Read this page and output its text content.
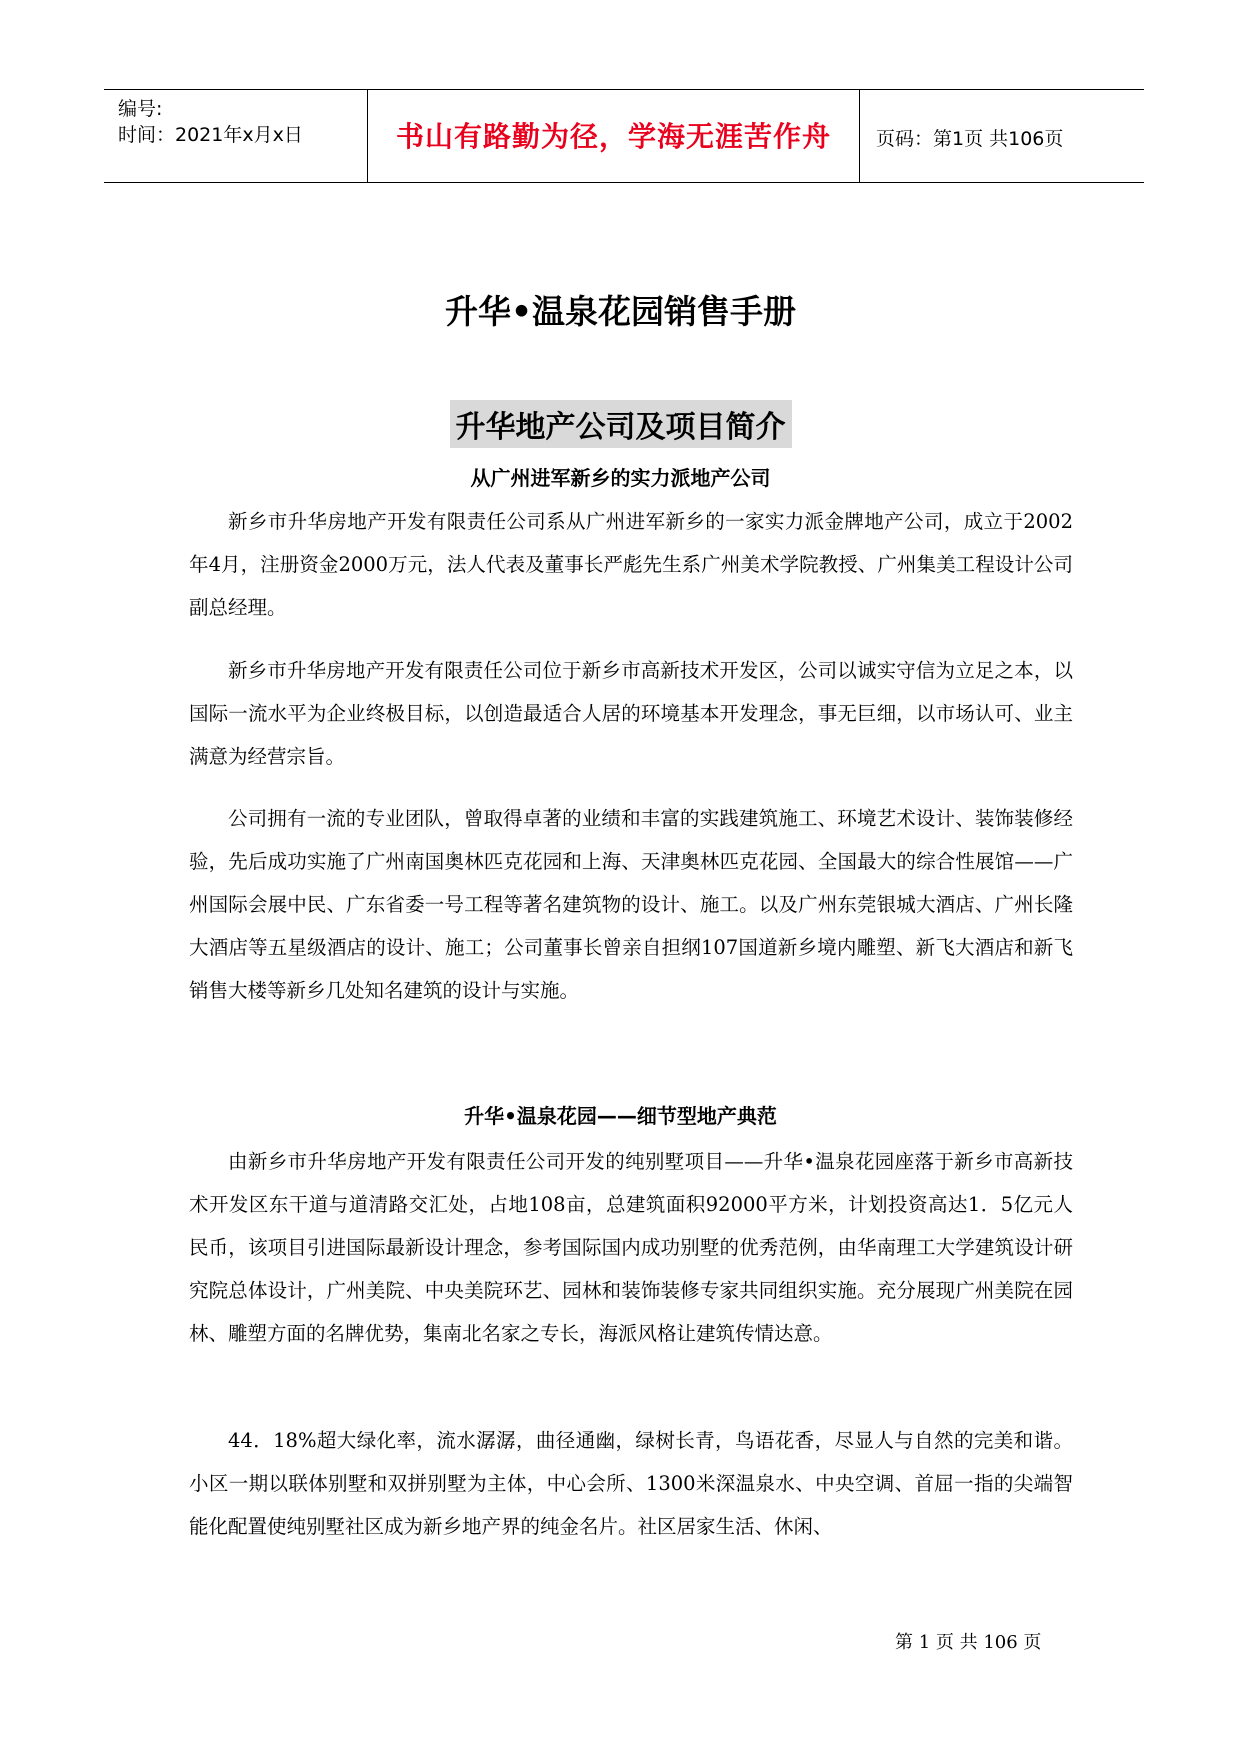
编号:
时间：2021年x月x日	书山有路勤为径，学海无涯苦作舟	页码：第1页 共106页
升华•温泉花园销售手册
升华地产公司及项目简介
从广州进军新乡的实力派地产公司

新乡市升华房地产开发有限责任公司系从广州进军新乡的一家实力派金牌地产公司，成立于2002年4月，注册资金2000万元，法人代表及董事长严彪先生系广州美术学院教授、广州集美工程设计公司副总经理。

新乡市升华房地产开发有限责任公司位于新乡市高新技术开发区，公司以诚实守信为立足之本，以国际一流水平为企业终极目标，以创造最适合人居的环境基本开发理念，事无巨细，以市场认可、业主满意为经营宗旨。

公司拥有一流的专业团队，曾取得卓著的业绩和丰富的实践建筑施工、环境艺术设计、装饰装修经验，先后成功实施了广州南国奥林匹克花园和上海、天津奥林匹克花园、全国最大的综合性展馆——广州国际会展中民、广东省委一号工程等著名建筑物的设计、施工。以及广州东莞银城大酒店、广州长隆大酒店等五星级酒店的设计、施工；公司董事长曾亲自担纲107国道新乡境内雕塑、新飞大酒店和新飞销售大楼等新乡几处知名建筑的设计与实施。

升华•温泉花园——细节型地产典范

由新乡市升华房地产开发有限责任公司开发的纯别墅项目——升华•温泉花园座落于新乡市高新技术开发区东干道与道清路交汇处，占地108亩，总建筑面积92000平方米，计划投资高达1．5亿元人民币，该项目引进国际最新设计理念，参考国际国内成功别墅的优秀范例，由华南理工大学建筑设计研究院总体设计，广州美院、中央美院环艺、园林和装饰装修专家共同组织实施。充分展现广州美院在园林、雕塑方面的名牌优势，集南北名家之专长，海派风格让建筑传情达意。

44．18%超大绿化率，流水潺潺，曲径通幽，绿树长青，鸟语花香，尽显人与自然的完美和谐。小区一期以联体别墅和双拼别墅为主体，中心会所、1300米深温泉水、中央空调、首屈一指的尖端智能化配置使纯别墅社区成为新乡地产界的纯金名片。社区居家生活、休闲、

第 1 页 共 106 页
